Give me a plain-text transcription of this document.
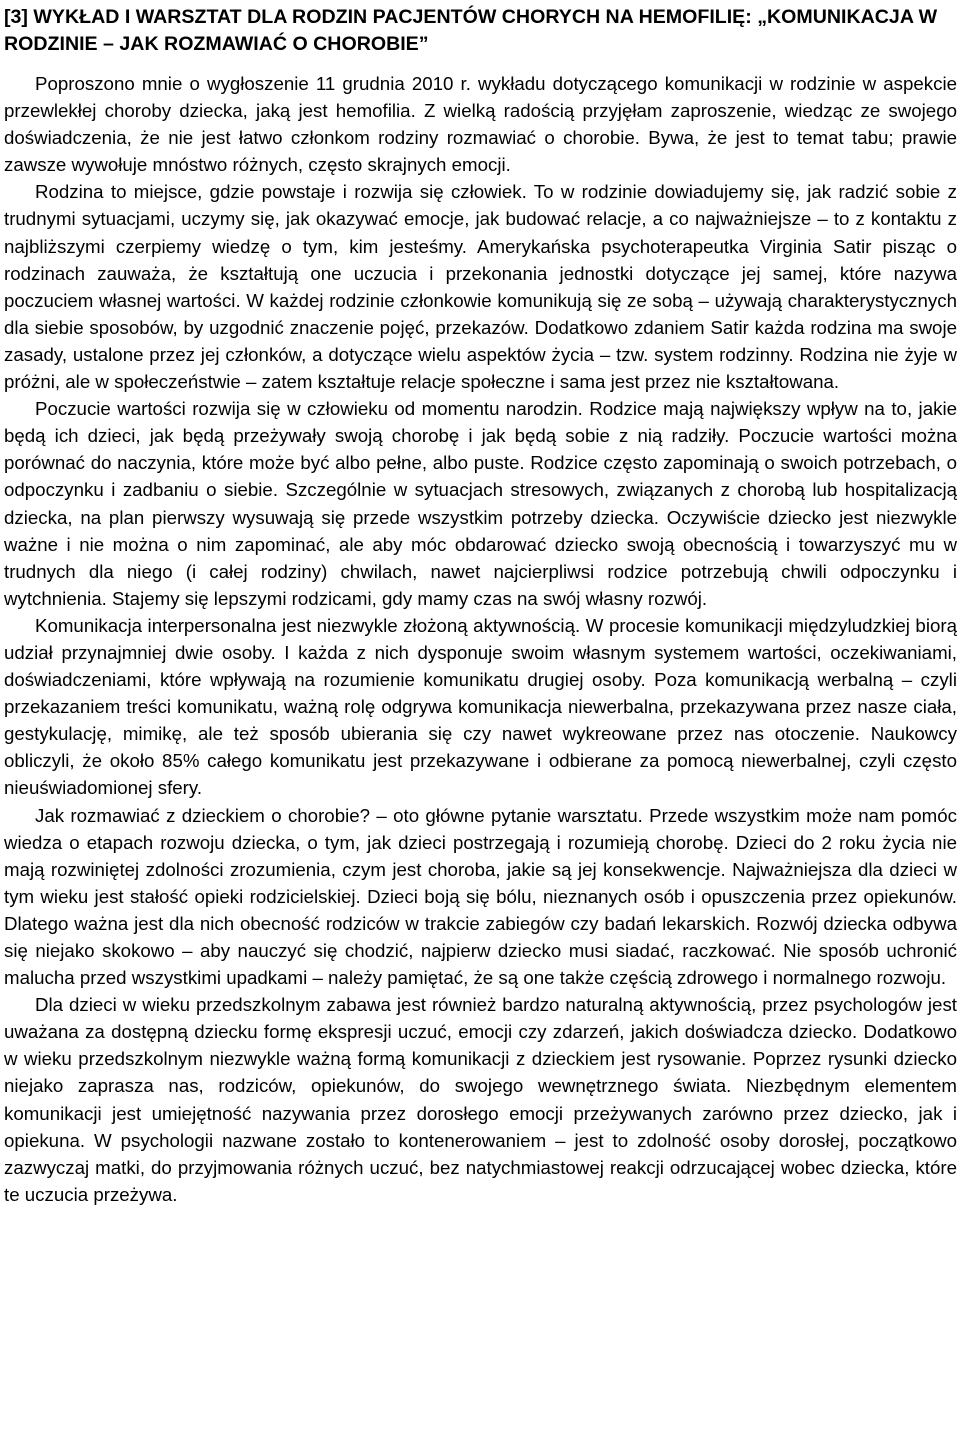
[3] WYKŁAD I WARSZTAT DLA RODZIN PACJENTÓW CHORYCH NA HEMOFILIĘ: „KOMUNIKACJA W RODZINIE – JAK ROZMAWIAĆ O CHOROBIE”

Poproszono mnie o wygłoszenie 11 grudnia 2010 r. wykładu dotyczącego komunikacji w rodzinie w aspekcie przewlekłej choroby dziecka, jaką jest hemofilia. Z wielką radością przyjęłam zaproszenie, wiedząc ze swojego doświadczenia, że nie jest łatwo członkom rodziny rozmawiać o chorobie. Bywa, że jest to temat tabu; prawie zawsze wywołuje mnóstwo różnych, często skrajnych emocji.

Rodzina to miejsce, gdzie powstaje i rozwija się człowiek. To w rodzinie dowiadujemy się, jak radzić sobie z trudnymi sytuacjami, uczymy się, jak okazywać emocje, jak budować relacje, a co najważniejsze – to z kontaktu z najbliższymi czerpiemy wiedzę o tym, kim jesteśmy. Amerykańska psychoterapeutka Virginia Satir pisząc o rodzinach zauważa, że kształtują one uczucia i przekonania jednostki dotyczące jej samej, które nazywa poczuciem własnej wartości. W każdej rodzinie członkowie komunikują się ze sobą – używają charakterystycznych dla siebie sposobów, by uzgodnić znaczenie pojęć, przekazów. Dodatkowo zdaniem Satir każda rodzina ma swoje zasady, ustalone przez jej członków, a dotyczące wielu aspektów życia – tzw. system rodzinny. Rodzina nie żyje w próżni, ale w społeczeństwie – zatem kształtuje relacje społeczne i sama jest przez nie kształtowana.

Poczucie wartości rozwija się w człowieku od momentu narodzin. Rodzice mają największy wpływ na to, jakie będą ich dzieci, jak będą przeżywały swoją chorobę i jak będą sobie z nią radziły. Poczucie wartości można porównać do naczynia, które może być albo pełne, albo puste. Rodzice często zapominają o swoich potrzebach, o odpoczynku i zadbaniu o siebie. Szczególnie w sytuacjach stresowych, związanych z chorobą lub hospitalizacją dziecka, na plan pierwszy wysuwają się przede wszystkim potrzeby dziecka. Oczywiście dziecko jest niezwykle ważne i nie można o nim zapominać, ale aby móc obdarować dziecko swoją obecnością i towarzyszyć mu w trudnych dla niego (i całej rodziny) chwilach, nawet najcierpliwsi rodzice potrzebują chwili odpoczynku i wytchnienia. Stajemy się lepszymi rodzicami, gdy mamy czas na swój własny rozwój.

Komunikacja interpersonalna jest niezwykle złożoną aktywnością. W procesie komunikacji międzyludzkiej biorą udział przynajmniej dwie osoby. I każda z nich dysponuje swoim własnym systemem wartości, oczekiwaniami, doświadczeniami, które wpływają na rozumienie komunikatu drugiej osoby. Poza komunikacją werbalną – czyli przekazaniem treści komunikatu, ważną rolę odgrywa komunikacja niewerbalna, przekazywana przez nasze ciała, gestykulację, mimikę, ale też sposób ubierania się czy nawet wykreowane przez nas otoczenie. Naukowcy obliczyli, że około 85% całego komunikatu jest przekazywane i odbierane za pomocą niewerbalnej, czyli często nieuświadomionej sfery.

Jak rozmawiać z dzieckiem o chorobie? – oto główne pytanie warsztatu. Przede wszystkim może nam pomóc wiedza o etapach rozwoju dziecka, o tym, jak dzieci postrzegają i rozumieją chorobę. Dzieci do 2 roku życia nie mają rozwiniętej zdolności zrozumienia, czym jest choroba, jakie są jej konsekwencje. Najważniejsza dla dzieci w tym wieku jest stałość opieki rodzicielskiej. Dzieci boją się bólu, nieznanych osób i opuszczenia przez opiekunów. Dlatego ważna jest dla nich obecność rodziców w trakcie zabiegów czy badań lekarskich. Rozwój dziecka odbywa się niejako skokowo – aby nauczyć się chodzić, najpierw dziecko musi siadać, raczkować. Nie sposób uchronić malucha przed wszystkimi upadkami – należy pamiętać, że są one także częścią zdrowego i normalnego rozwoju.

Dla dzieci w wieku przedszkolnym zabawa jest również bardzo naturalną aktywnością, przez psychologów jest uważana za dostępną dziecku formę ekspresji uczuć, emocji czy zdarzeń, jakich doświadcza dziecko. Dodatkowo w wieku przedszkolnym niezwykle ważną formą komunikacji z dzieckiem jest rysowanie. Poprzez rysunki dziecko niejako zaprasza nas, rodziców, opiekunów, do swojego wewnętrznego świata. Niezbędnym elementem komunikacji jest umiejętność nazywania przez dorosłego emocji przeżywanych zarówno przez dziecko, jak i opiekuna. W psychologii nazwane zostało to kontenerowaniem – jest to zdolność osoby dorosłej, początkowo zazwyczaj matki, do przyjmowania różnych uczuć, bez natychmiastowej reakcji odrzucającej wobec dziecka, które te uczucia przeżywa.
